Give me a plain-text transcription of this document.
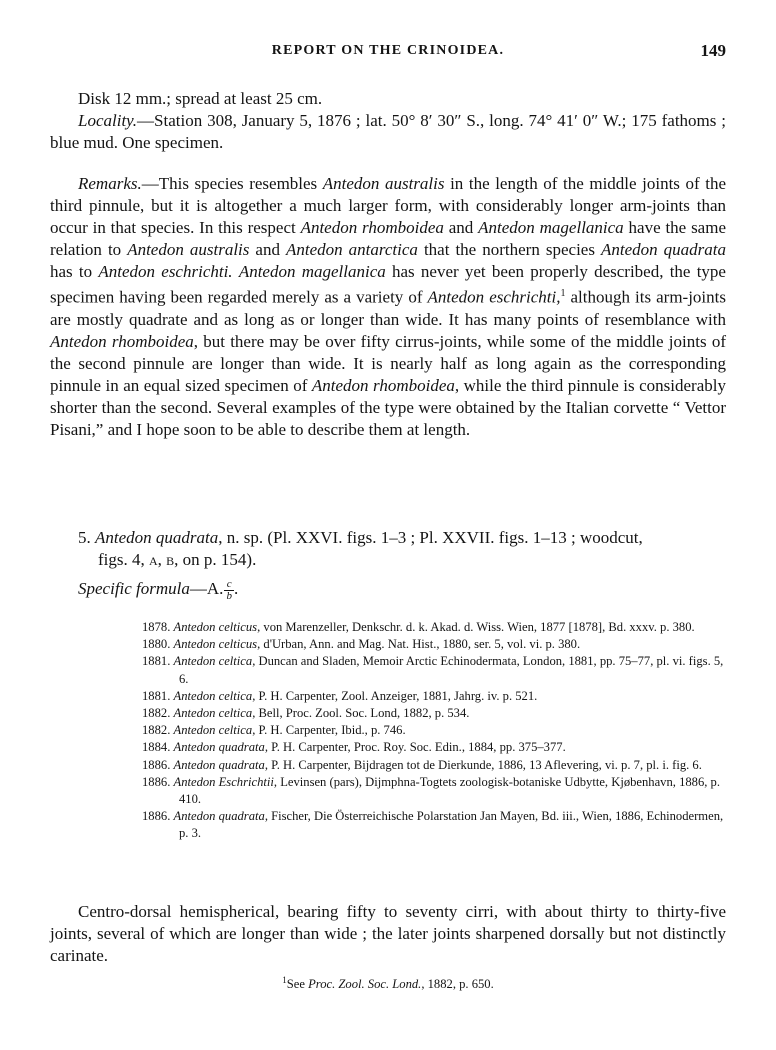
REPORT ON THE CRINOIDEA.	149

Disk 12 mm.; spread at least 25 cm.

Locality.—Station 308, January 5, 1876 ; lat. 50° 8′ 30″ S., long. 74° 41′ 0″ W.; 175 fathoms ; blue mud. One specimen.

Remarks.—This species resembles Antedon australis in the length of the middle joints of the third pinnule, but it is altogether a much larger form, with considerably longer arm-joints than occur in that species. In this respect Antedon rhomboidea and Antedon magellanica have the same relation to Antedon australis and Antedon antarctica that the northern species Antedon quadrata has to Antedon eschrichti. Antedon magellanica has never yet been properly described, the type specimen having been regarded merely as a variety of Antedon eschrichti,$^1$ although its arm-joints are mostly quadrate and as long as or longer than wide. It has many points of resemblance with Antedon rhomboidea, but there may be over fifty cirrus-joints, while some of the middle joints of the second pinnule are longer than wide. It is nearly half as long again as the corresponding pinnule in an equal sized specimen of Antedon rhomboidea, while the third pinnule is considerably shorter than the second. Several examples of the type were obtained by the Italian corvette “ Vettor Pisani,” and I hope soon to be able to describe them at length.

5. Antedon quadrata, n. sp. (Pl. XXVI. figs. 1–3 ; Pl. XXVII. figs. 1–13 ; woodcut,
figs. 4, a, b, on p. 154).
Specific formula—A. $\frac{c}{b}$ .
1878. Antedon celticus, von Marenzeller, Denkschr. d. k. Akad. d. Wiss. Wien, 1877 [1878], Bd. xxxv. p. 380.
1880. Antedon celticus, d'Urban, Ann. and Mag. Nat. Hist., 1880, ser. 5, vol. vi. p. 380.
1881. Antedon celtica, Duncan and Sladen, Memoir Arctic Echinodermata, London, 1881, pp. 75–77, pl. vi. figs. 5, 6.
1881. Antedon celtica, P. H. Carpenter, Zool. Anzeiger, 1881, Jahrg. iv. p. 521.
1882. Antedon celtica, Bell, Proc. Zool. Soc. Lond, 1882, p. 534.
1882. Antedon celtica, P. H. Carpenter, Ibid., p. 746.
1884. Antedon quadrata, P. H. Carpenter, Proc. Roy. Soc. Edin., 1884, pp. 375–377.
1886. Antedon quadrata, P. H. Carpenter, Bijdragen tot de Dierkunde, 1886, 13 Aflevering, vi. p. 7, pl. i. fig. 6.
1886. Antedon Eschrichtii, Levinsen (pars), Dijmphna-Togtets zoologisk-botaniske Udbytte, Kjøbenhavn, 1886, p. 410.
1886. Antedon quadrata, Fischer, Die Österreichische Polarstation Jan Mayen, Bd. iii., Wien, 1886, Echinodermen, p. 3.

Centro-dorsal hemispherical, bearing fifty to seventy cirri, with about thirty to thirty-five joints, several of which are longer than wide ; the later joints sharpened dorsally but not distinctly carinate.

$^1$See Proc. Zool. Soc. Lond., 1882, p. 650.
